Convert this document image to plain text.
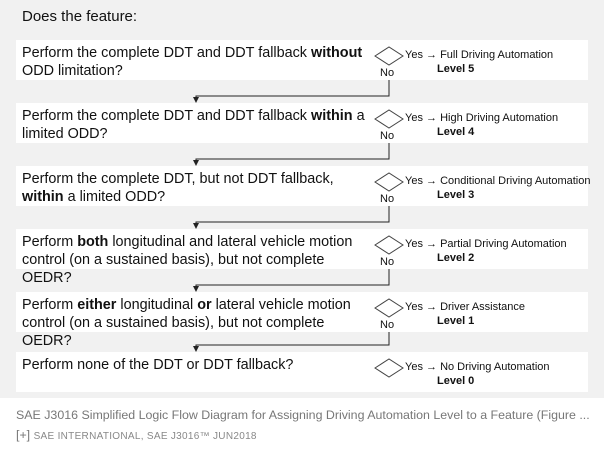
Does the feature:
Perform the complete DDT and DDT fallback without ODD limitation?
Yes → Full Driving Automation
Level 5
No
Perform the complete DDT and DDT fallback within a limited ODD?
Yes → High Driving Automation
Level 4
No
Perform the complete DDT, but not DDT fallback, within a limited ODD?
Yes → Conditional Driving Automation
Level 3
No
Perform both longitudinal and lateral vehicle motion control (on a sustained basis), but not complete OEDR?
Yes → Partial Driving Automation
Level 2
No
Perform either longitudinal or lateral vehicle motion control (on a sustained basis), but not complete OEDR?
Yes → Driver Assistance
Level 1
No
Perform none of the DDT or DDT fallback?	Yes → No Driving Automation
Level 0
SAE J3016 Simplified Logic Flow Diagram for Assigning Driving Automation Level to a Feature (Figure ... [+] SAE INTERNATIONAL, SAE J3016™ JUN2018
